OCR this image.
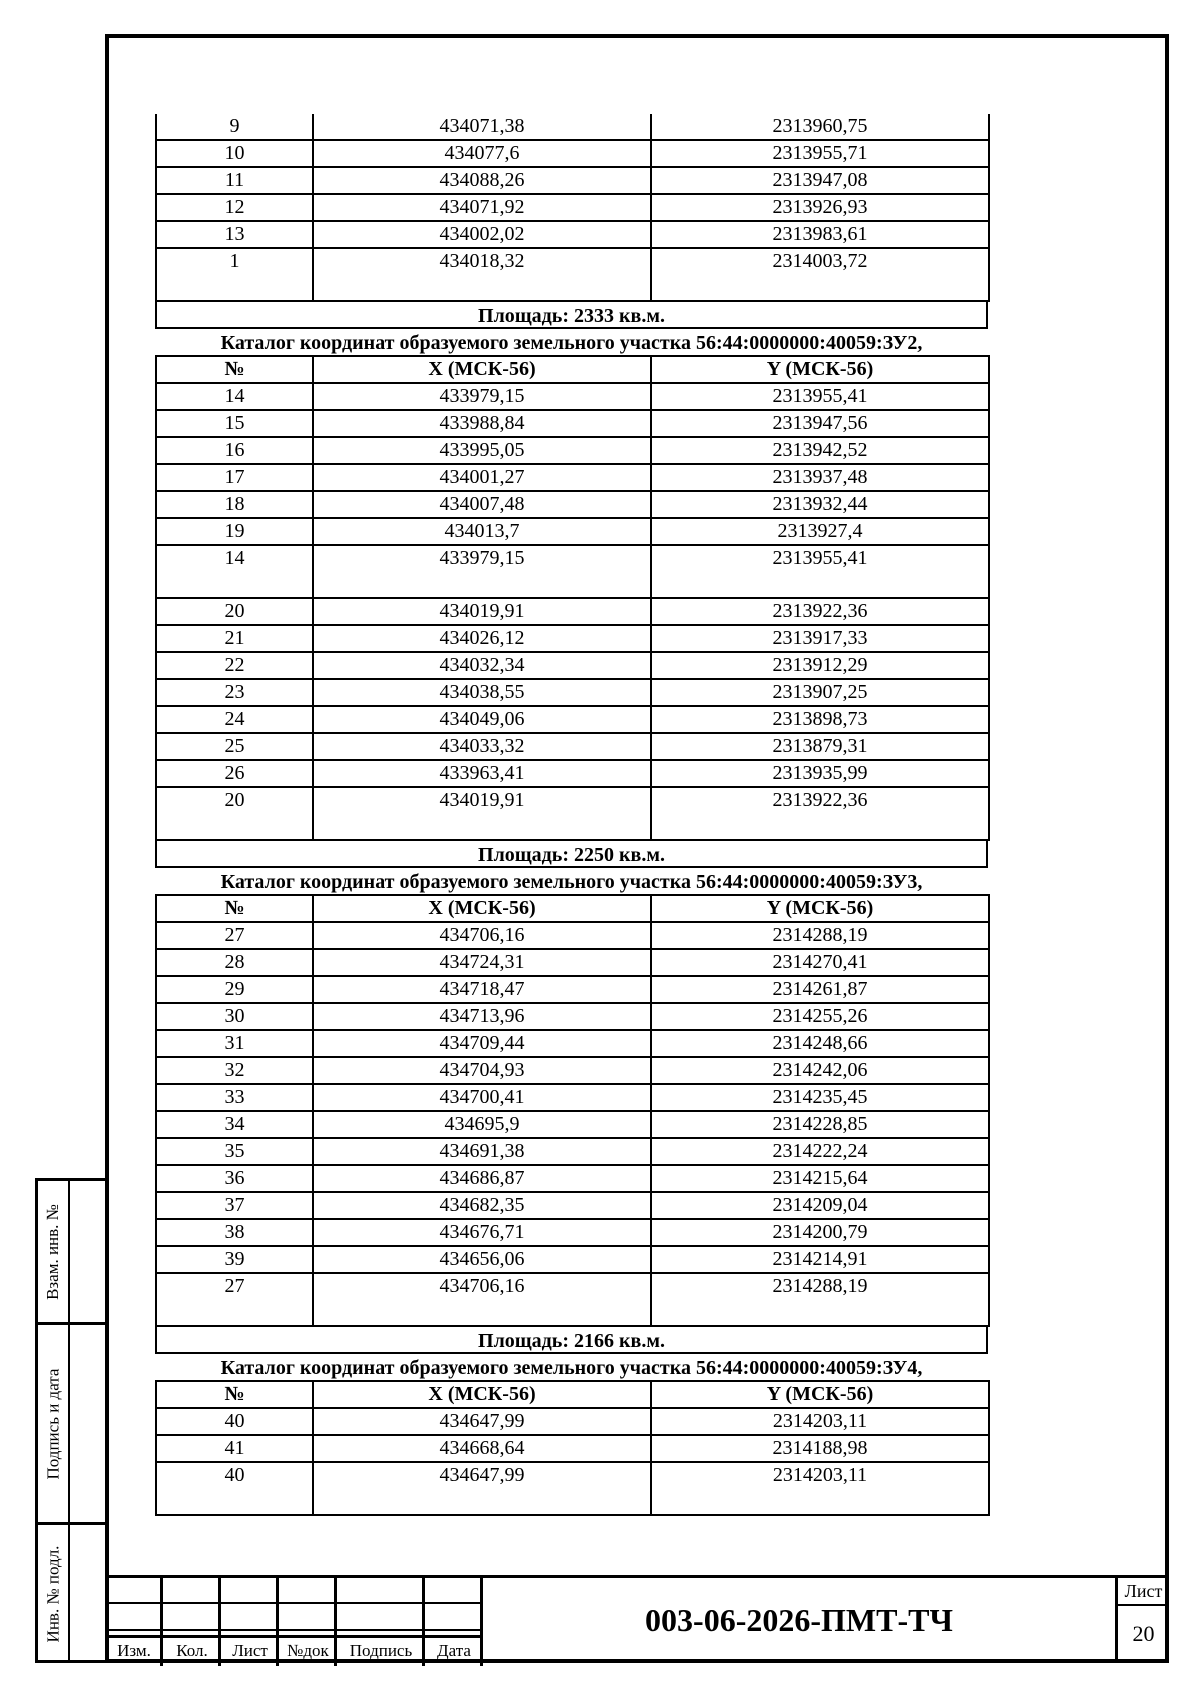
9	434071,38	2313960,75
10	434077,6	2313955,71
11	434088,26	2313947,08
12	434071,92	2313926,93
13	434002,02	2313983,61
1	434018,32	2314003,72
Площадь: 2333 кв.м.
Каталог координат образуемого земельного участка 56:44:0000000:40059:ЗУ2,
№	X (МСК-56)	Y (МСК-56)
14	433979,15	2313955,41
15	433988,84	2313947,56
16	433995,05	2313942,52
17	434001,27	2313937,48
18	434007,48	2313932,44
19	434013,7	2313927,4
14	433979,15	2313955,41
20	434019,91	2313922,36
21	434026,12	2313917,33
22	434032,34	2313912,29
23	434038,55	2313907,25
24	434049,06	2313898,73
25	434033,32	2313879,31
26	433963,41	2313935,99
20	434019,91	2313922,36
Площадь: 2250 кв.м.
Каталог координат образуемого земельного участка 56:44:0000000:40059:ЗУ3,
№	X (МСК-56)	Y (МСК-56)
27	434706,16	2314288,19
28	434724,31	2314270,41
29	434718,47	2314261,87
30	434713,96	2314255,26
31	434709,44	2314248,66
32	434704,93	2314242,06
33	434700,41	2314235,45
34	434695,9	2314228,85
35	434691,38	2314222,24
36	434686,87	2314215,64
37	434682,35	2314209,04
38	434676,71	2314200,79
39	434656,06	2314214,91
27	434706,16	2314288,19
Площадь: 2166 кв.м.
Каталог координат образуемого земельного участка 56:44:0000000:40059:ЗУ4,
№	X (МСК-56)	Y (МСК-56)
40	434647,99	2314203,11
41	434668,64	2314188,98
40	434647,99	2314203,11
Взам. инв. №
Подпись и дата
Инв. № подл.
Изм.	Кол.	Лист	№док	Подпись	Дата
003-06-2026-ПМТ-ТЧ
Лист
20
